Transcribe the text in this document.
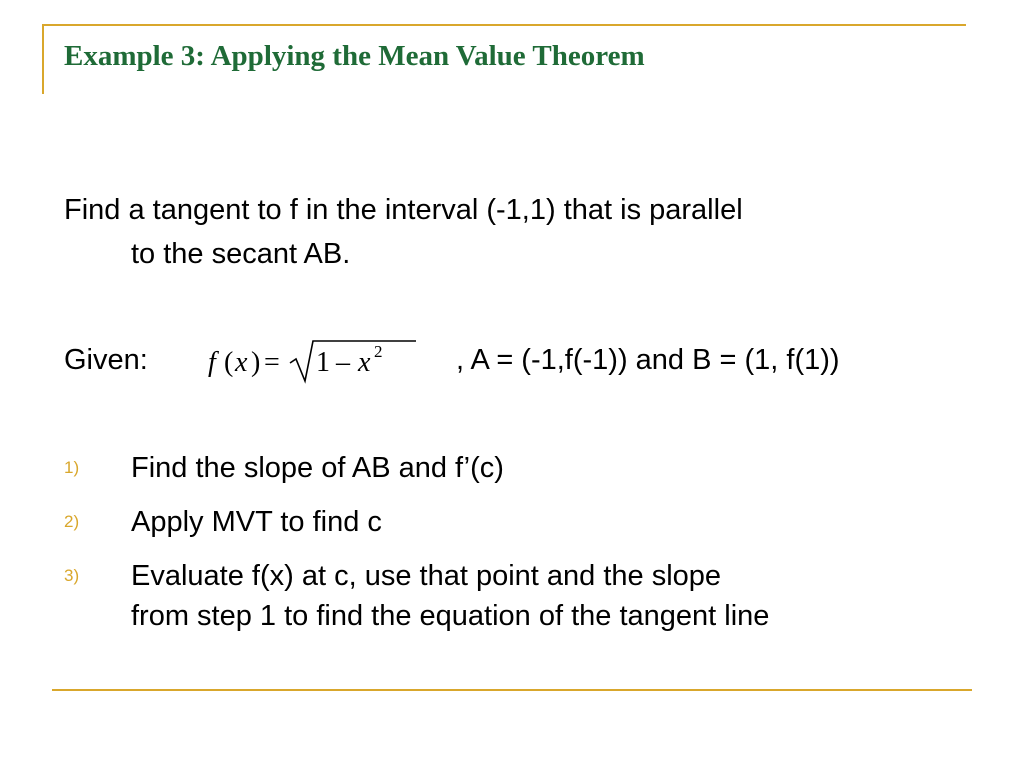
Example 3: Applying the Mean Value Theorem
Find a tangent to f in the interval (-1,1) that is parallel
to the secant AB.
Given: f ( x ) = 1 – x 2	, A = (-1,f(-1)) and B = (1, f(1))
1)	Find the slope of AB and f’(c)
2)	Apply MVT to find c
3)	Evaluate f(x) at c, use that point and the slope
from step 1 to find the equation of the tangent line
